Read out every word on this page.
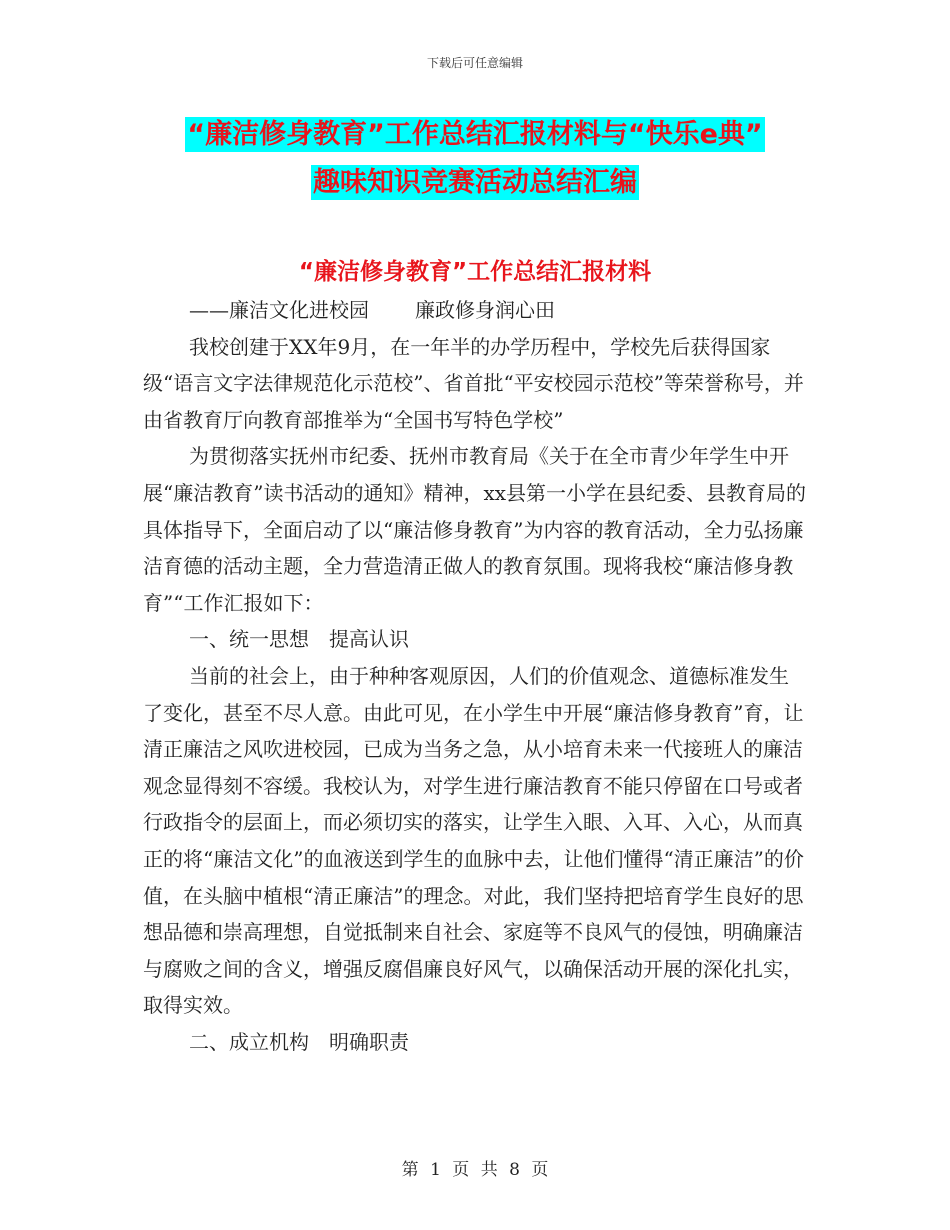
下载后可任意编辑
“廉洁修身教育”工作总结汇报材料与“快乐e典”
趣味知识竞赛活动总结汇编
“廉洁修身教育”工作总结汇报材料

——廉洁文化进校园 廉政修身润心田

我校创建于XX年9月，在一年半的办学历程中，学校先后获得国家级“语言文字法律规范化示范校”、省首批“平安校园示范校”等荣誉称号，并由省教育厅向教育部推举为“全国书写特色学校”

为贯彻落实抚州市纪委、抚州市教育局《关于在全市青少年学生中开展“廉洁教育”读书活动的通知》精神，xx县第一小学在县纪委、县教育局的具体指导下，全面启动了以“廉洁修身教育”为内容的教育活动，全力弘扬廉洁育德的活动主题，全力营造清正做人的教育氛围。现将我校“廉洁修身教育”“工作汇报如下：

一、统一思想　提高认识

当前的社会上，由于种种客观原因，人们的价值观念、道德标准发生了变化，甚至不尽人意。由此可见，在小学生中开展“廉洁修身教育”育，让清正廉洁之风吹进校园，已成为当务之急，从小培育未来一代接班人的廉洁观念显得刻不容缓。我校认为，对学生进行廉洁教育不能只停留在口号或者行政指令的层面上，而必须切实的落实，让学生入眼、入耳、入心，从而真正的将“廉洁文化”的血液送到学生的血脉中去，让他们懂得“清正廉洁”的价值，在头脑中植根“清正廉洁”的理念。对此，我们坚持把培育学生良好的思想品德和崇高理想，自觉抵制来自社会、家庭等不良风气的侵蚀，明确廉洁与腐败之间的含义，增强反腐倡廉良好风气，以确保活动开展的深化扎实，取得实效。

二、成立机构　明确职责

第 1 页 共 8 页
